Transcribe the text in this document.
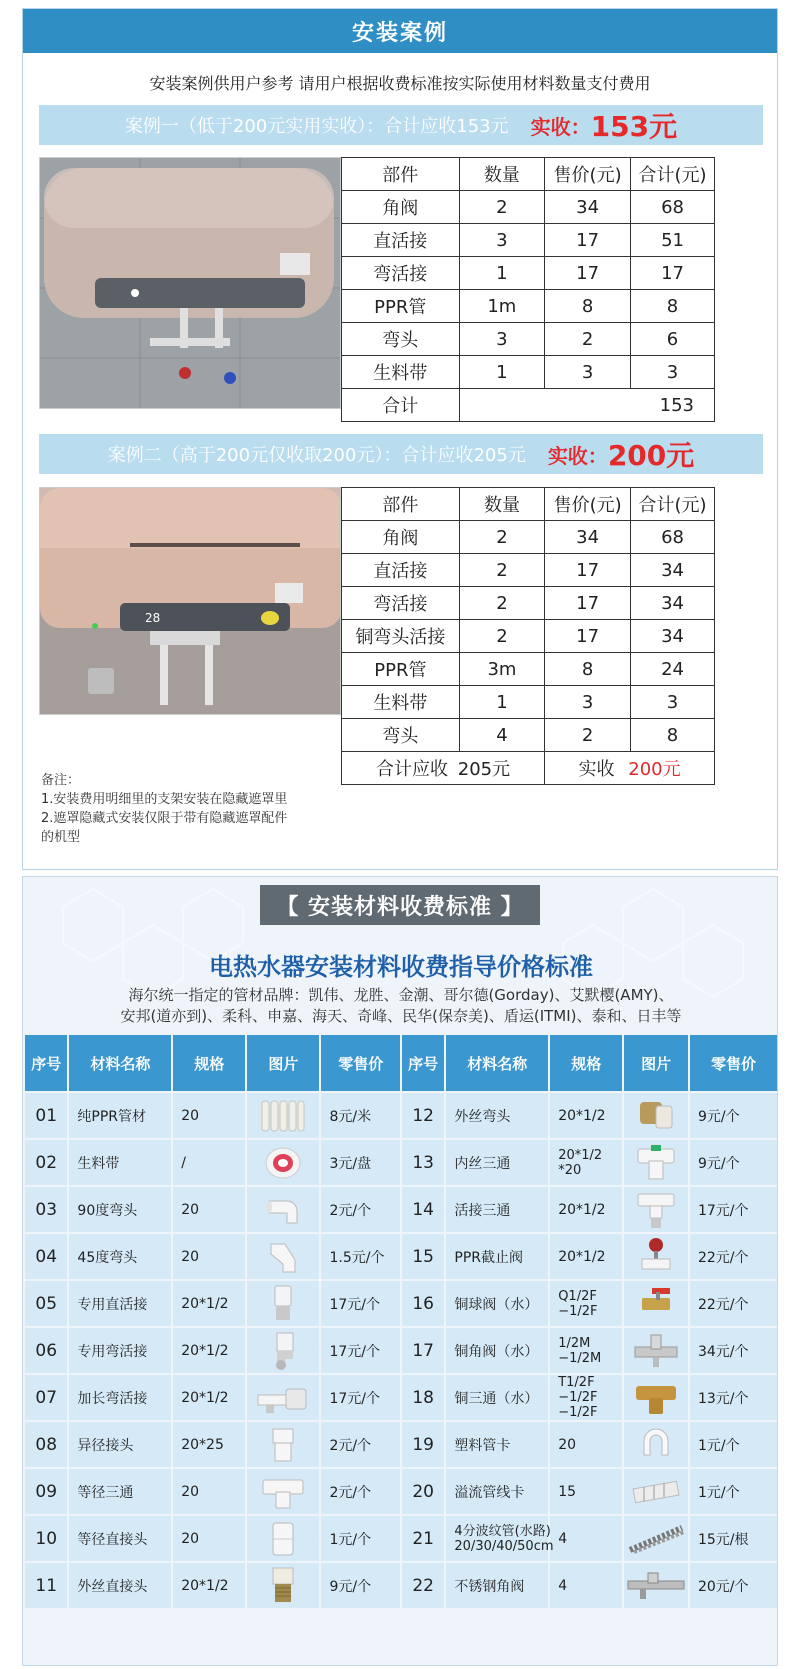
安装案例
安装案例供用户参考 请用户根据收费标准按实际使用材料数量支付费用
案例一（低于200元实用实收）：合计应收153元 实收： 153元
部件	数量	售价(元)	合计(元)
角阀	2	34	68
直活接	3	17	51
弯活接	1	17	17
PPR管	1m	8	8
弯头	3	2	6
生料带	1	3	3
合计	153		
案例二（高于200元仅收取200元）：合计应收205元 实收： 200元
28
部件	数量	售价(元)	合计(元)
角阀	2	34	68
直活接	2	17	34
弯活接	2	17	34
铜弯头活接	2	17	34
PPR管	3m	8	24
生料带	1	3	3
弯头	4	2	8
合计应收 205元		实收 200元	
备注：
1.安装费用明细里的支架安装在隐藏遮罩里
2.遮罩隐藏式安装仅限于带有隐藏遮罩配件
的机型
【 安装材料收费标准 】
电热水器安装材料收费指导价格标准
海尔统一指定的管材品牌：凯伟、龙胜、金潮、哥尔德(Gorday)、艾默樱(AMY)、
安邦(道亦到)、柔科、申嘉、海天、奇峰、民华(保奈美)、盾运(ITMI)、泰和、日丰等
序号	材料名称	规格	图片	零售价	序号	材料名称	规格	图片	零售价
01	纯PPR管材	20		8元/米	12	外丝弯头	20*1/2		9元/个
02	生料带	/		3元/盘	13	内丝三通	20*1/2 *20		9元/个
03	90度弯头	20		2元/个	14	活接三通	20*1/2		17元/个
04	45度弯头	20		1.5元/个	15	PPR截止阀	20*1/2		22元/个
05	专用直活接	20*1/2		17元/个	16	铜球阀（水）	Q1/2F −1/2F		22元/个
06	专用弯活接	20*1/2		17元/个	17	铜角阀（水）	1/2M −1/2M		34元/个
07	加长弯活接	20*1/2		17元/个	18	铜三通（水）	T1/2F −1/2F −1/2F		13元/个
08	异径接头	20*25		2元/个	19	塑料管卡	20		1元/个
09	等径三通	20		2元/个	20	溢流管线卡	15		1元/个
10	等径直接头	20		1元/个	21	4分波纹管(水路) 20/30/40/50cm	4		15元/根
11	外丝直接头	20*1/2		9元/个	22	不锈钢角阀	4		20元/个
